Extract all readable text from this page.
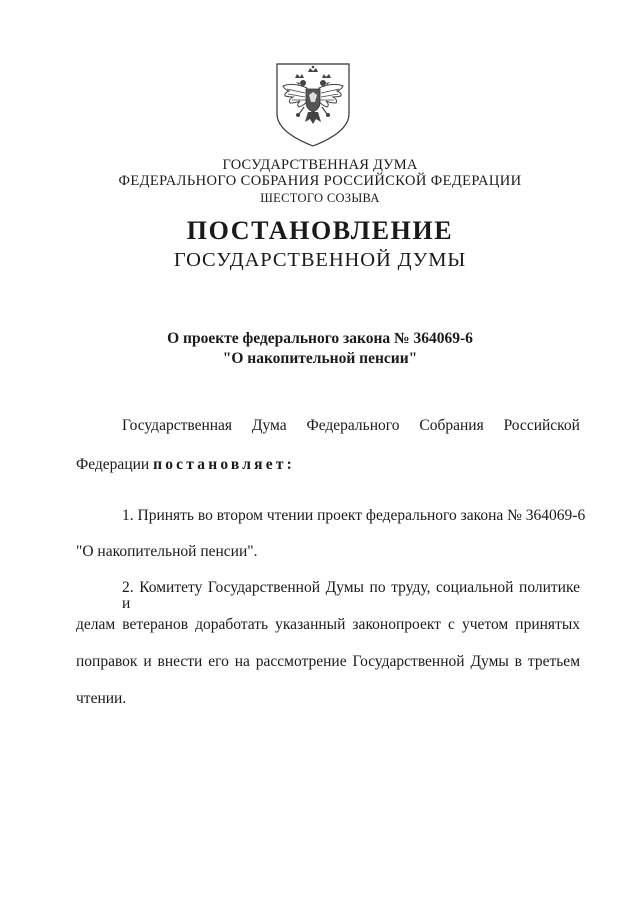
ГОСУДАРСТВЕННАЯ ДУМА
ФЕДЕРАЛЬНОГО СОБРАНИЯ РОССИЙСКОЙ ФЕДЕРАЦИИ
ШЕСТОГО СОЗЫВА
ПОСТАНОВЛЕНИЕ
ГОСУДАРСТВЕННОЙ ДУМЫ
О проекте федерального закона № 364069-6
"О накопительной пенсии"
Государственная Дума Федерального Собрания Российской
Федерации постановляет:
1. Принять во втором чтении проект федерального закона № 364069-6
"О накопительной пенсии".
2. Комитету Государственной Думы по труду, социальной политике и
делам ветеранов доработать указанный законопроект с учетом принятых
поправок и внести его на рассмотрение Государственной Думы в третьем
чтении.
